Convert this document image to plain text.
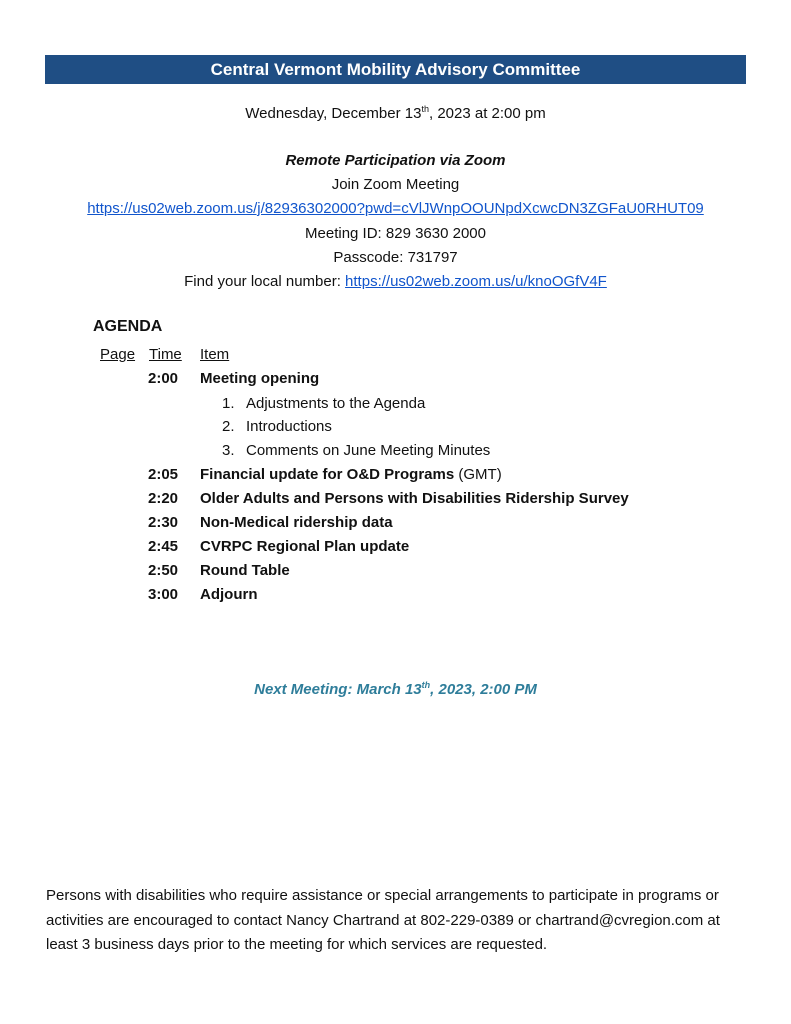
Central Vermont Mobility Advisory Committee
Wednesday, December 13th, 2023 at 2:00 pm
Remote Participation via Zoom
Join Zoom Meeting
https://us02web.zoom.us/j/82936302000?pwd=cVlJWnpOOUNpdXcwcDN3ZGFaU0RHUT09
Meeting ID: 829 3630 2000
Passcode: 731797
Find your local number: https://us02web.zoom.us/u/knoOGfV4F
AGENDA
Page Time Item
2:00	Meeting opening
1. Adjustments to the Agenda
2. Introductions
3. Comments on June Meeting Minutes
2:05	Financial update for O&D Programs (GMT)
2:20	Older Adults and Persons with Disabilities Ridership Survey
2:30	Non-Medical ridership data
2:45	CVRPC Regional Plan update
2:50	Round Table
3:00	Adjourn
Next Meeting: March 13th, 2023, 2:00 PM
Persons with disabilities who require assistance or special arrangements to participate in programs or activities are encouraged to contact Nancy Chartrand at 802-229-0389 or chartrand@cvregion.com at least 3 business days prior to the meeting for which services are requested.
